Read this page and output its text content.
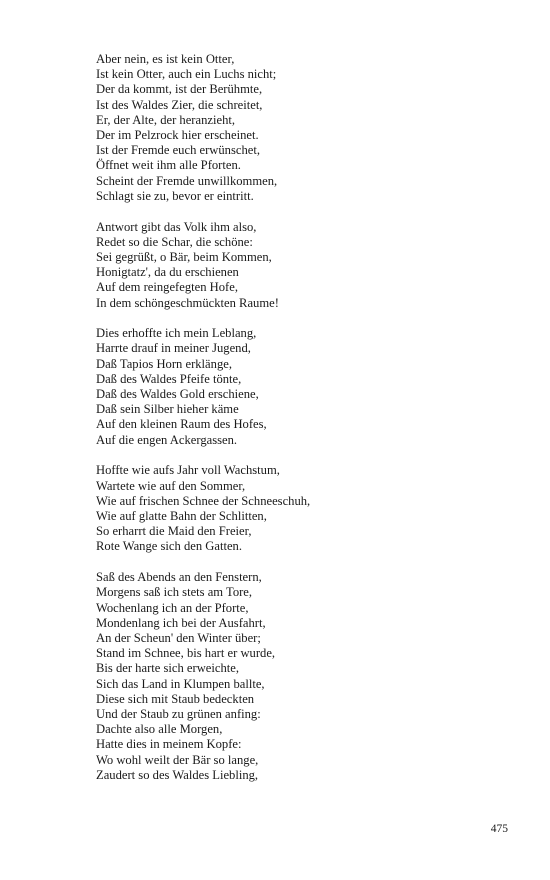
Aber nein, es ist kein Otter,
Ist kein Otter, auch ein Luchs nicht;
Der da kommt, ist der Berühmte,
Ist des Waldes Zier, die schreitet,
Er, der Alte, der heranzieht,
Der im Pelzrock hier erscheinet.
Ist der Fremde euch erwünschet,
Öffnet weit ihm alle Pforten.
Scheint der Fremde unwillkommen,
Schlagt sie zu, bevor er eintritt.
Antwort gibt das Volk ihm also,
Redet so die Schar, die schöne:
Sei gegrüßt, o Bär, beim Kommen,
Honigtatz', da du erschienen
Auf dem reingefegten Hofe,
In dem schöngeschmückten Raume!
Dies erhoffte ich mein Leblang,
Harrte drauf in meiner Jugend,
Daß Tapios Horn erklänge,
Daß des Waldes Pfeife tönte,
Daß des Waldes Gold erschiene,
Daß sein Silber hieher käme
Auf den kleinen Raum des Hofes,
Auf die engen Ackergassen.
Hoffte wie aufs Jahr voll Wachstum,
Wartete wie auf den Sommer,
Wie auf frischen Schnee der Schneeschuh,
Wie auf glatte Bahn der Schlitten,
So erharrt die Maid den Freier,
Rote Wange sich den Gatten.
Saß des Abends an den Fenstern,
Morgens saß ich stets am Tore,
Wochenlang ich an der Pforte,
Mondenlang ich bei der Ausfahrt,
An der Scheun' den Winter über;
Stand im Schnee, bis hart er wurde,
Bis der harte sich erweichte,
Sich das Land in Klumpen ballte,
Diese sich mit Staub bedeckten
Und der Staub zu grünen anfing:
Dachte also alle Morgen,
Hatte dies in meinem Kopfe:
Wo wohl weilt der Bär so lange,
Zaudert so des Waldes Liebling,
475
